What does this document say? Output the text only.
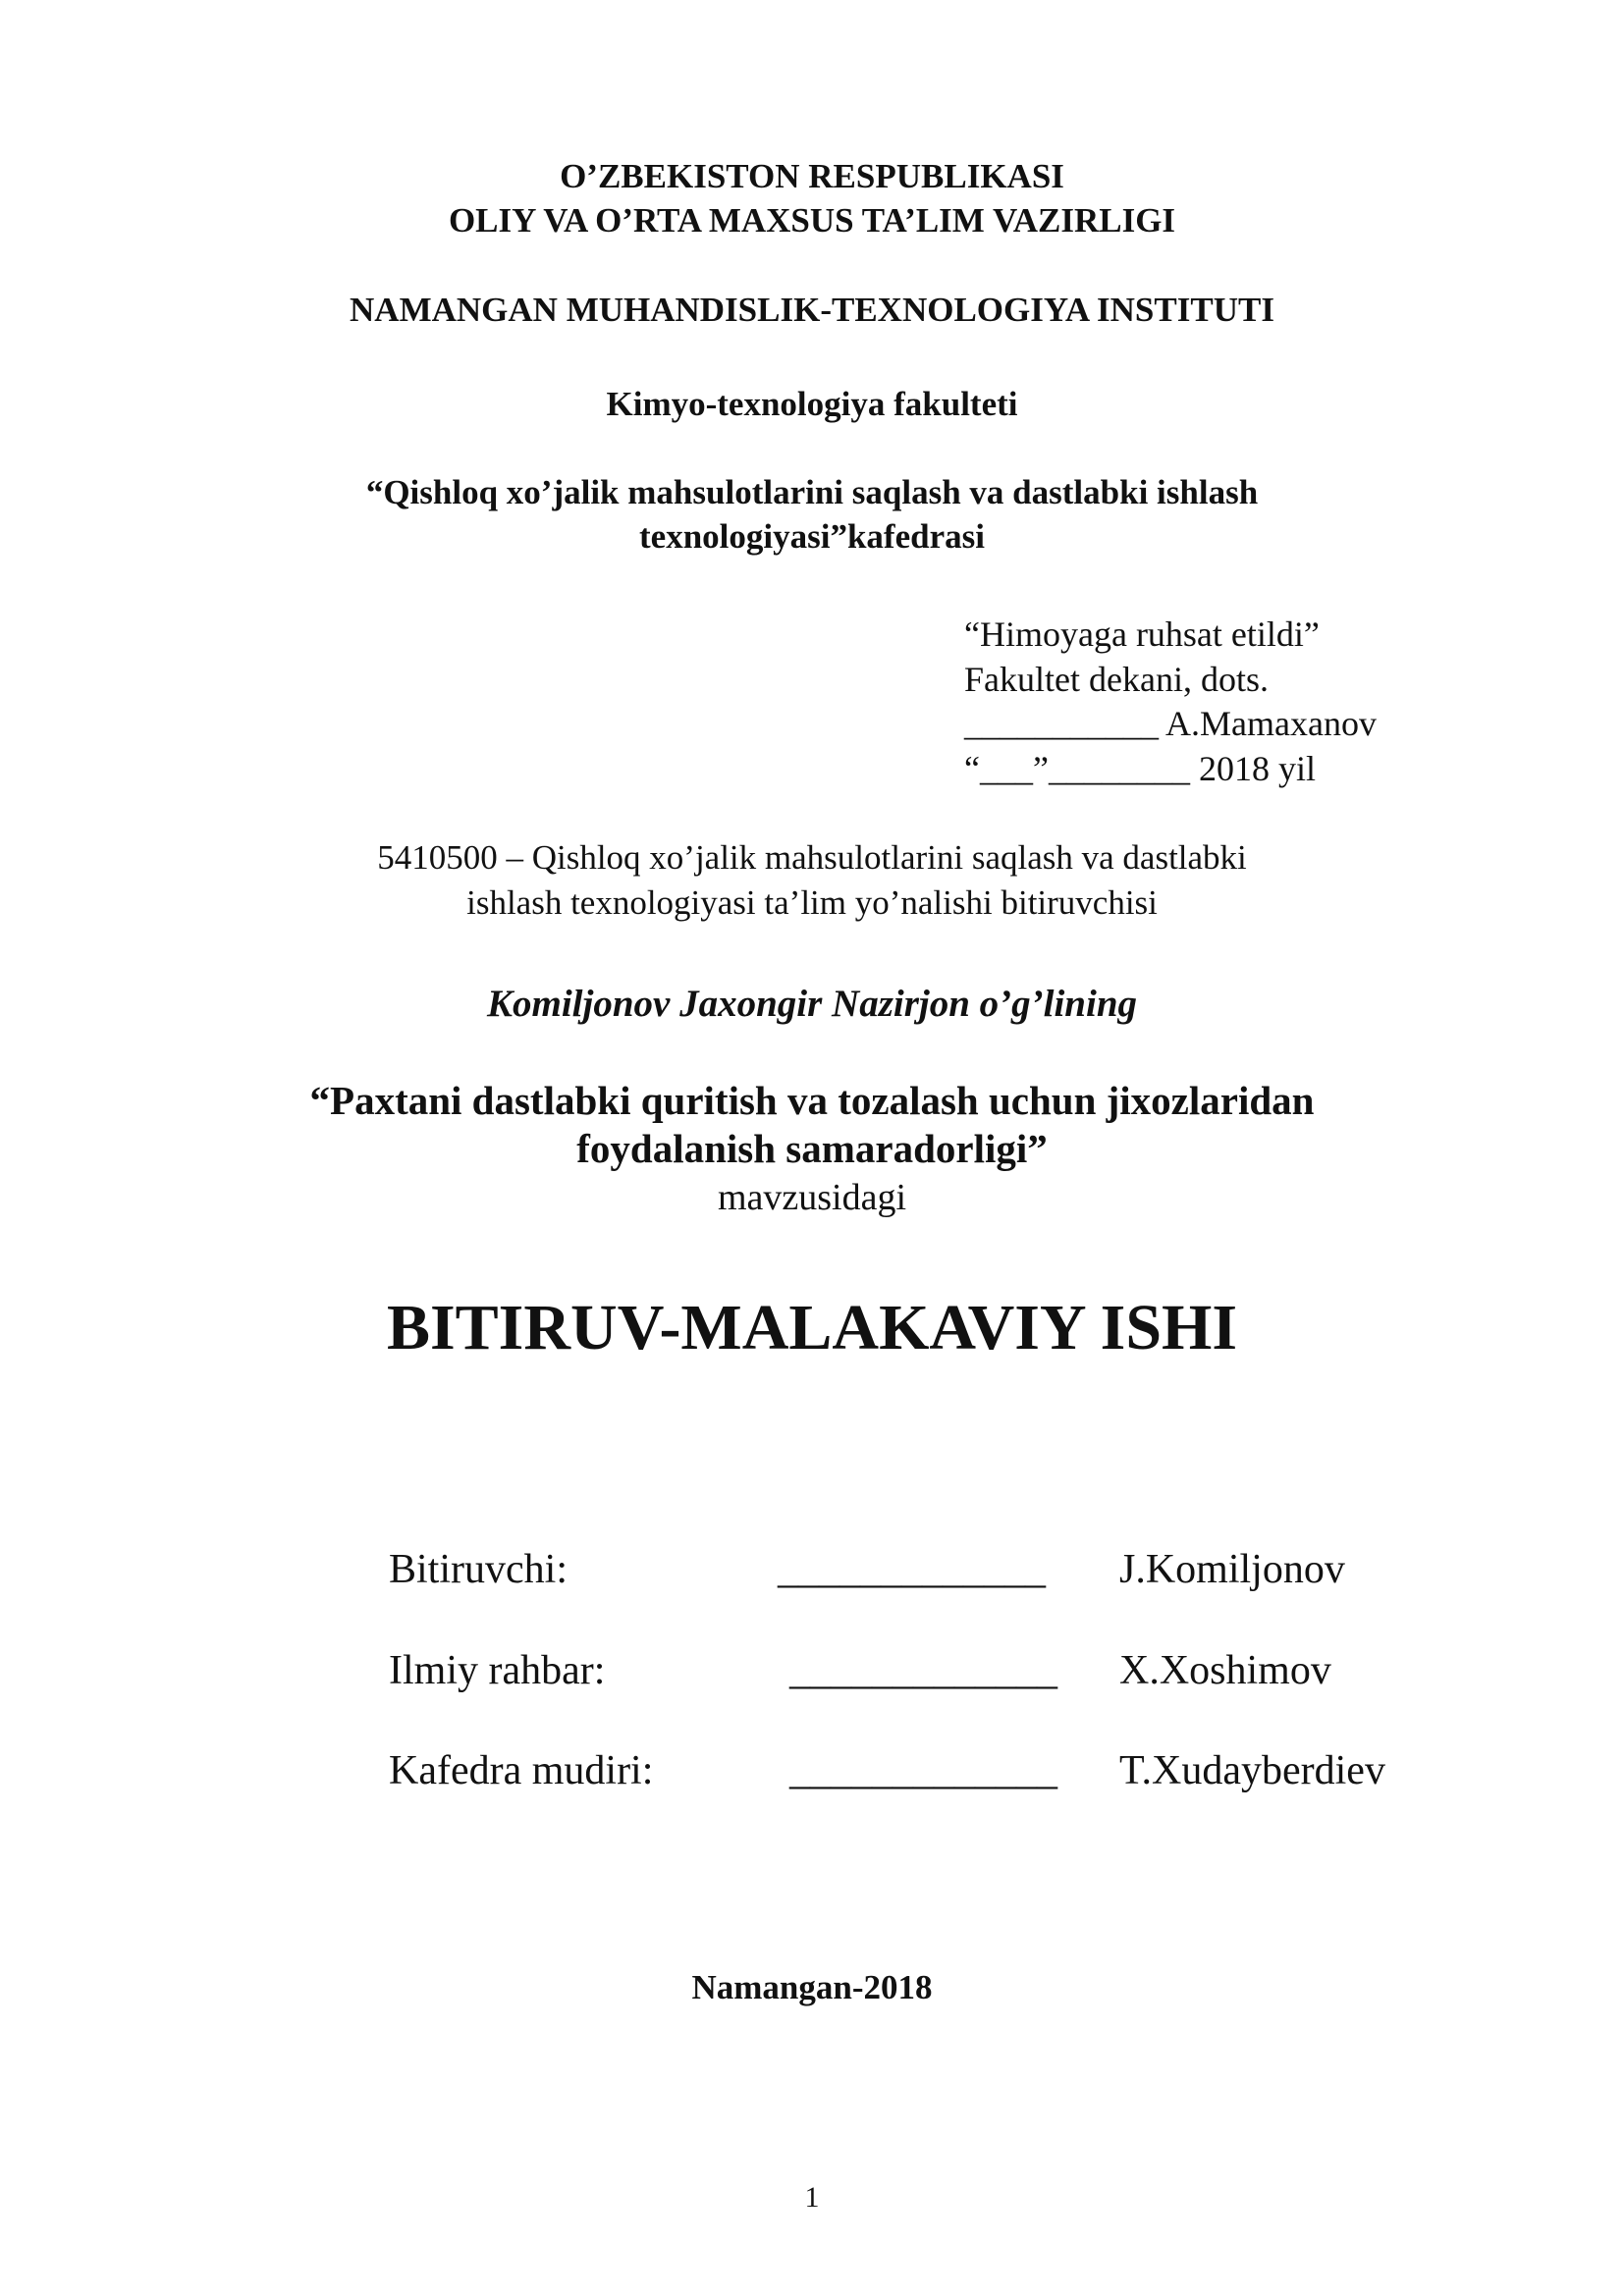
O’ZBEKISTON RESPUBLIKASI
OLIY VA O’RTA MAXSUS TA’LIM VAZIRLIGI
NAMANGAN MUHANDISLIK-TEXNOLOGIYA INSTITUTI
Kimyo-texnologiya fakulteti
“Qishloq xo’jalik mahsulotlarini saqlash va dastlabki ishlash
texnologiyasi”kafedrasi
“Himoyaga ruhsat etildi”
Fakultet dekani, dots.
___________ A.Mamaxanov
“___”________ 2018 yil
5410500 – Qishloq xo’jalik mahsulotlarini saqlash va dastlabki
ishlash texnologiyasi ta’lim yo’nalishi bitiruvchisi
Komiljonov Jaxongir Nazirjon o’g’lining
“Paxtani dastlabki quritish va tozalash uchun jixozlaridan
foydalanish samaradorligi”
mavzusidagi
BITIRUV-MALAKAVIY ISHI
Bitiruvchi:	_____________ J.Komiljonov
Ilmiy rahbar:	_____________ X.Xoshimov
Kafedra mudiri:	_____________ T.Xudayberdiev
Namangan-2018
1
